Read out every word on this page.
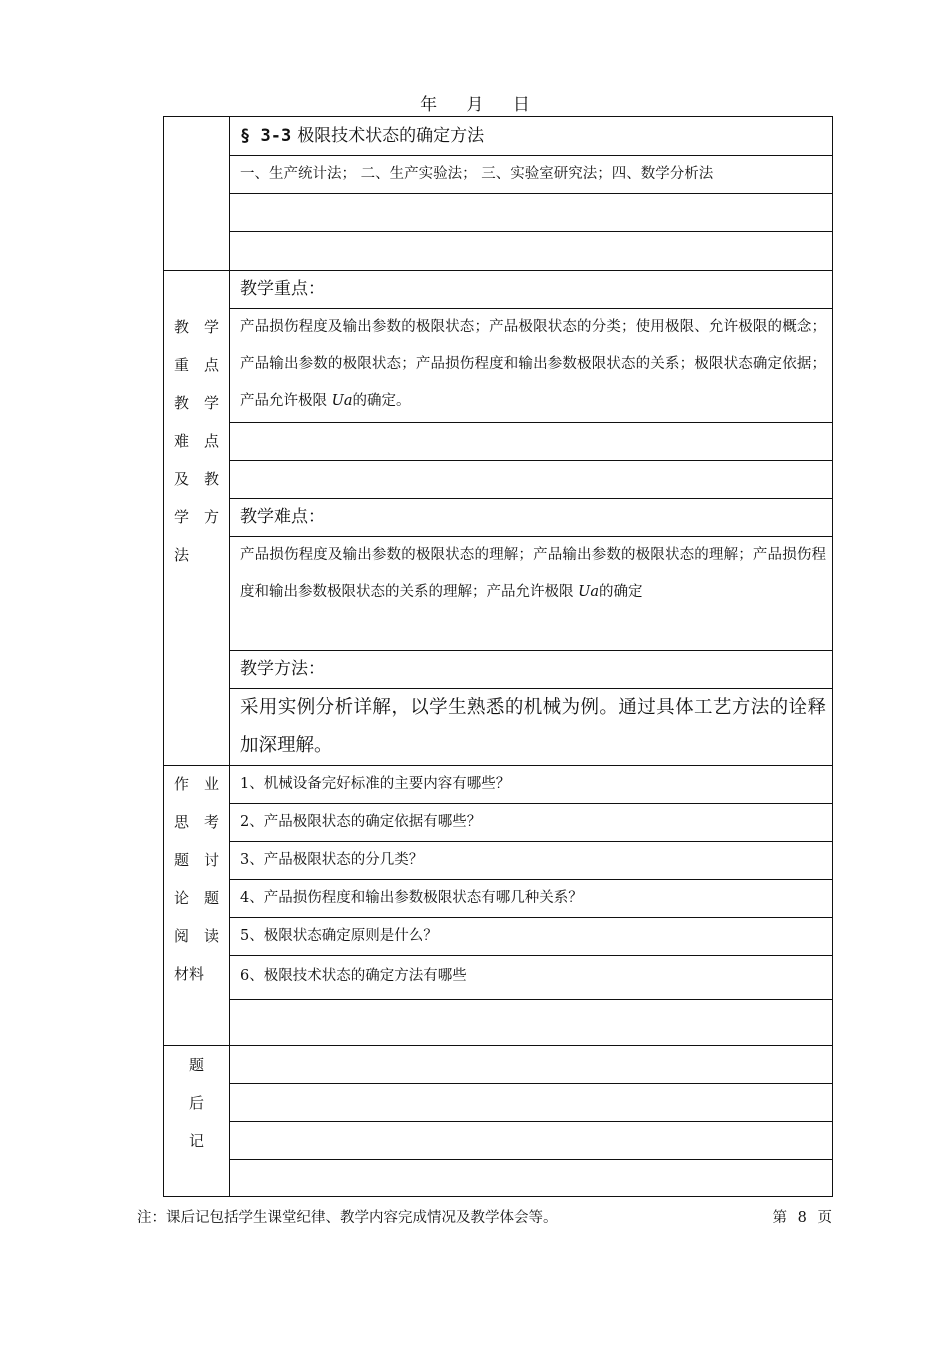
年 月 日
§ 3-3 极限技术状态的确定方法
一、生产统计法； 二、生产实验法； 三、实验室研究法；四、数学分析法
教 学
重 点
教 学
难 点
及 教
学 方
法
教学重点：
产品损伤程度及输出参数的极限状态；产品极限状态的分类；使用极限、允许极限的概念；产品输出参数的极限状态；产品损伤程度和输出参数极限状态的关系；极限状态确定依据；产品允许极限 Ua的确定。
教学难点：
产品损伤程度及输出参数的极限状态的理解；产品输出参数的极限状态的理解；产品损伤程度和输出参数极限状态的关系的理解；产品允许极限 Ua的确定
教学方法：
采用实例分析详解，以学生熟悉的机械为例。通过具体工艺方法的诠释加深理解。
作 业
思 考
题 讨
论 题
阅 读
材料
1、机械设备完好标准的主要内容有哪些？
2、产品极限状态的确定依据有哪些？
3、产品极限状态的分几类？
4、产品损伤程度和输出参数极限状态有哪几种关系？
5、极限状态确定原则是什么？
6、极限技术状态的确定方法有哪些
题
后
记
注：课后记包括学生课堂纪律、教学内容完成情况及教学体会等。	第 8 页
